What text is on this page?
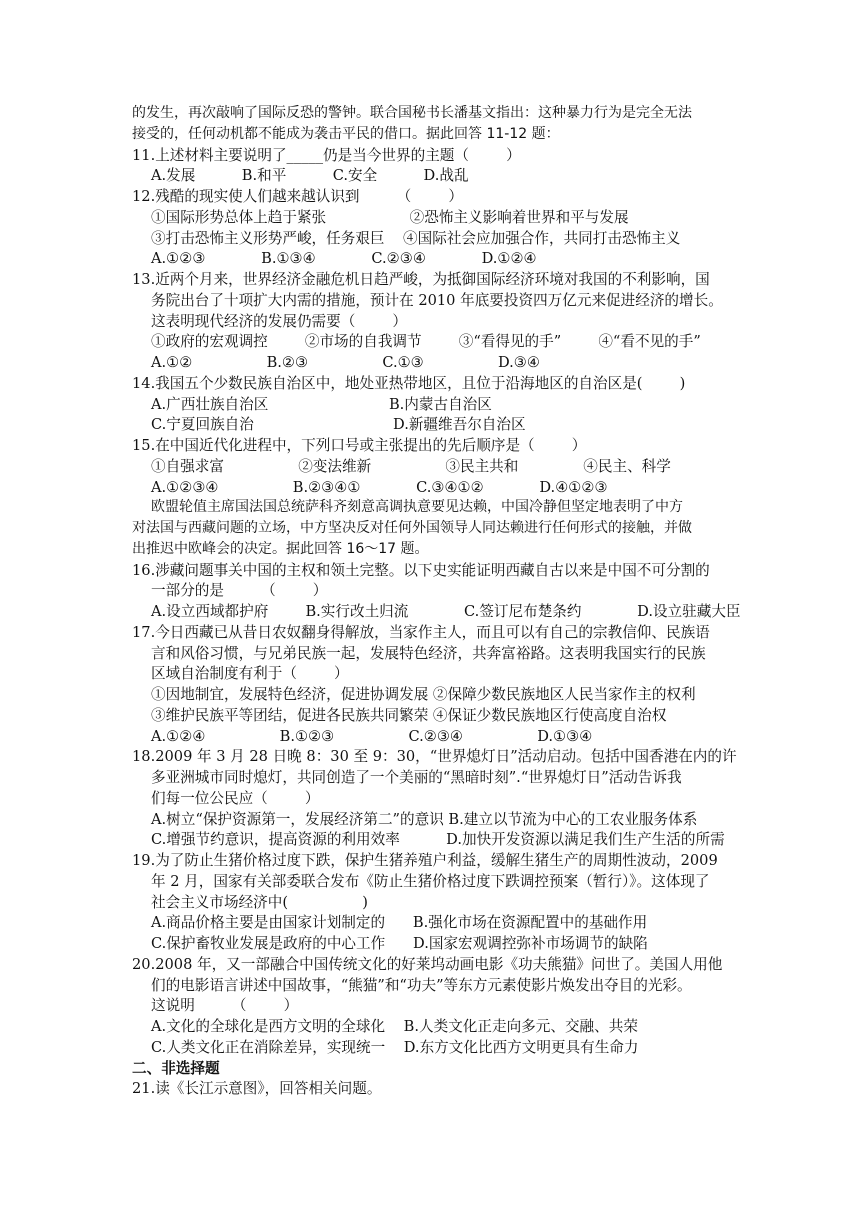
的发生，再次敲响了国际反恐的警钟。联合国秘书长潘基文指出：这种暴力行为是完全无法
接受的，任何动机都不能成为袭击平民的借口。据此回答 11-12 题：
11.上述材料主要说明了_____仍是当今世界的主题（        ）
A.发展          B.和平          C.安全          D.战乱
12.残酷的现实使人们越来越认识到        （        ）
①国际形势总体上趋于紧张                  ②恐怖主义影响着世界和平与发展
③打击恐怖主义形势严峻，任务艰巨    ④国际社会应加强合作，共同打击恐怖主义
A.①②③            B.①③④            C.②③④            D.①②④
13.近两个月来，世界经济金融危机日趋严峻，为抵御国际经济环境对我国的不利影响，国
务院出台了十项扩大内需的措施，预计在 2010 年底要投资四万亿元来促进经济的增长。
这表明现代经济的发展仍需要（        ）
①政府的宏观调控        ②市场的自我调节        ③“看得见的手”        ④“看不见的手”
A.①②                B.②③                C.①③                D.③④
14.我国五个少数民族自治区中，地处亚热带地区，且位于沿海地区的自治区是(        )
A.广西壮族自治区                          B.内蒙古自治区
C.宁夏回族自治                              D.新疆维吾尔自治区
15.在中国近代化进程中，下列口号或主张提出的先后顺序是（        ）
①自强求富                ②变法维新                ③民主共和              ④民主、科学
A.①②③④                B.②③④①            C.③④①②            D.④①②③
欧盟轮值主席国法国总统萨科齐刻意高调执意要见达赖，中国冷静但坚定地表明了中方
对法国与西藏问题的立场，中方坚决反对任何外国领导人同达赖进行任何形式的接触，并做
出推迟中欧峰会的决定。据此回答 16～17 题。
16.涉藏问题事关中国的主权和领土完整。以下史实能证明西藏自古以来是中国不可分割的
一部分的是        （        ）
A.设立西域都护府        B.实行改土归流            C.签订尼布楚条约            D.设立驻藏大臣
17.今日西藏已从昔日农奴翻身得解放，当家作主人，而且可以有自己的宗教信仰、民族语
言和风俗习惯，与兄弟民族一起，发展特色经济，共奔富裕路。这表明我国实行的民族
区域自治制度有利于（        ）
①因地制宜，发展特色经济，促进协调发展 ②保障少数民族地区人民当家作主的权利
③维护民族平等团结，促进各民族共同繁荣 ④保证少数民族地区行使高度自治权
A.①②④                B.①②③                C.②③④                D.①③④
18.2009 年 3 月 28 日晚 8：30 至 9：30，“世界熄灯日”活动启动。包括中国香港在内的许
多亚洲城市同时熄灯，共同创造了一个美丽的“黑暗时刻”.“世界熄灯日”活动告诉我
们每一位公民应（        ）
A.树立“保护资源第一，发展经济第二”的意识 B.建立以节流为中心的工农业服务体系
C.增强节约意识，提高资源的利用效率          D.加快开发资源以满足我们生产生活的所需
19.为了防止生猪价格过度下跌，保护生猪养殖户利益，缓解生猪生产的周期性波动，2009
年 2 月，国家有关部委联合发布《防止生猪价格过度下跌调控预案（暂行）》。这体现了
社会主义市场经济中(                )
A.商品价格主要是由国家计划制定的      B.强化市场在资源配置中的基础作用
C.保护畜牧业发展是政府的中心工作      D.国家宏观调控弥补市场调节的缺陷
20.2008 年，又一部融合中国传统文化的好莱坞动画电影《功夫熊猫》问世了。美国人用他
们的电影语言讲述中国故事，“熊猫”和“功夫”等东方元素使影片焕发出夺目的光彩。
这说明        （        ）
A.文化的全球化是西方文明的全球化    B.人类文化正走向多元、交融、共荣
C.人类文化正在消除差异，实现统一    D.东方文化比西方文明更具有生命力
二、非选择题
21.读《长江示意图》，回答相关问题。
